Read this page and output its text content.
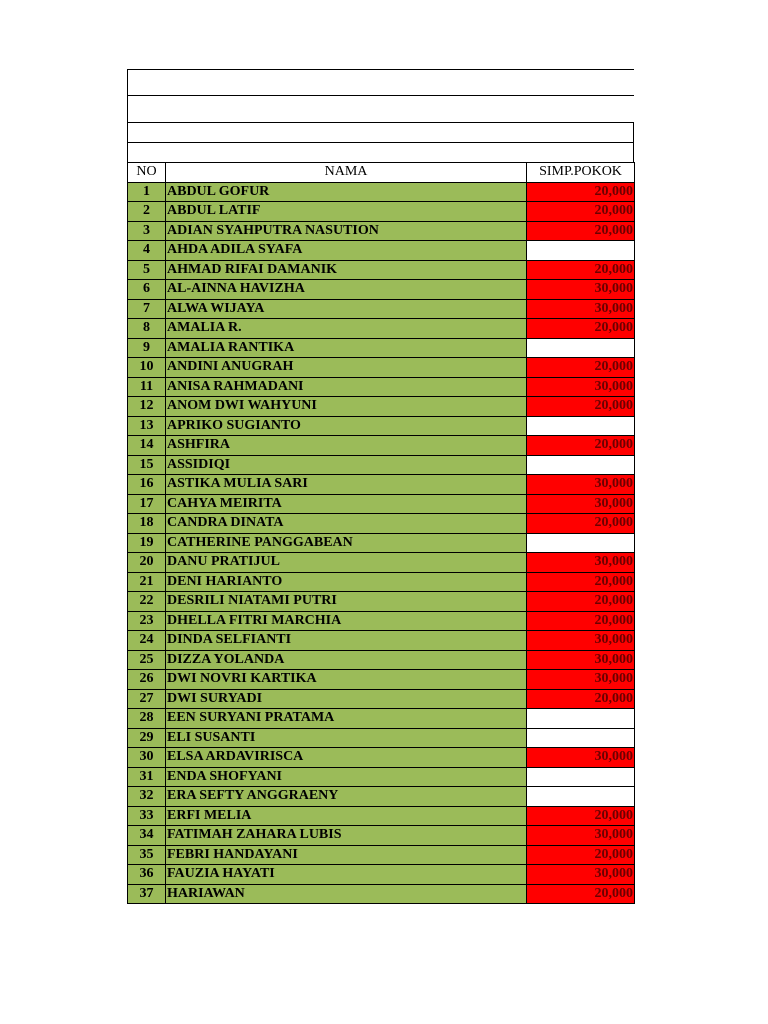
NO	NAMA	SIMP.POKOK
1	ABDUL GOFUR	20,000
2	ABDUL LATIF	20,000
3	ADIAN SYAHPUTRA NASUTION	20,000
4	AHDA ADILA SYAFA	
5	AHMAD RIFAI DAMANIK	20,000
6	AL-AINNA HAVIZHA	30,000
7	ALWA WIJAYA	30,000
8	AMALIA R.	20,000
9	AMALIA RANTIKA	
10	ANDINI ANUGRAH	20,000
11	ANISA RAHMADANI	30,000
12	ANOM DWI WAHYUNI	20,000
13	APRIKO SUGIANTO	
14	ASHFIRA	20,000
15	ASSIDIQI	
16	ASTIKA MULIA SARI	30,000
17	CAHYA MEIRITA	30,000
18	CANDRA DINATA	20,000
19	CATHERINE PANGGABEAN	
20	DANU PRATIJUL	30,000
21	DENI HARIANTO	20,000
22	DESRILI NIATAMI PUTRI	20,000
23	DHELLA FITRI MARCHIA	20,000
24	DINDA SELFIANTI	30,000
25	DIZZA YOLANDA	30,000
26	DWI NOVRI KARTIKA	30,000
27	DWI SURYADI	20,000
28	EEN SURYANI PRATAMA	
29	ELI SUSANTI	
30	ELSA ARDAVIRISCA	30,000
31	ENDA SHOFYANI	
32	ERA SEFTY ANGGRAENY	
33	ERFI MELIA	20,000
34	FATIMAH ZAHARA LUBIS	30,000
35	FEBRI HANDAYANI	20,000
36	FAUZIA HAYATI	30,000
37	HARIAWAN	20,000
